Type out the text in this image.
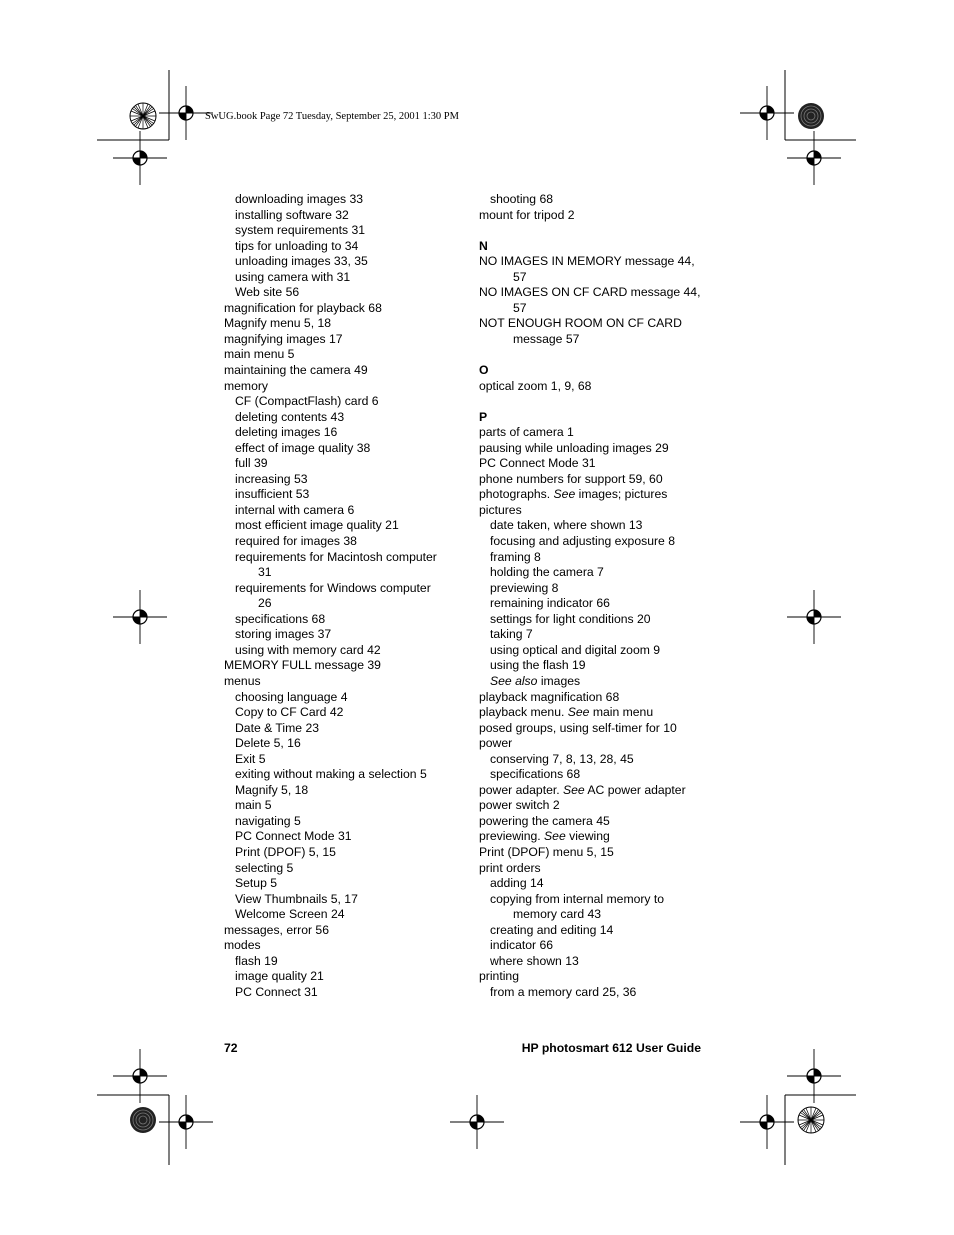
SwUG.book Page 72 Tuesday, September 25, 2001 1:30 PM
downloading images 33
installing software 32
system requirements 31
tips for unloading to 34
unloading images 33, 35
using camera with 31
Web site 56
magnification for playback 68
Magnify menu 5, 18
magnifying images 17
main menu 5
maintaining the camera 49
memory
CF (CompactFlash) card 6
deleting contents 43
deleting images 16
effect of image quality 38
full 39
increasing 53
insufficient 53
internal with camera 6
most efficient image quality 21
required for images 38
requirements for Macintosh computer
31
requirements for Windows computer
26
specifications 68
storing images 37
using with memory card 42
MEMORY FULL message 39
menus
choosing language 4
Copy to CF Card 42
Date & Time 23
Delete 5, 16
Exit 5
exiting without making a selection 5
Magnify 5, 18
main 5
navigating 5
PC Connect Mode 31
Print (DPOF) 5, 15
selecting 5
Setup 5
View Thumbnails 5, 17
Welcome Screen 24
messages, error 56
modes
flash 19
image quality 21
PC Connect 31
shooting 68
mount for tripod 2
N
NO IMAGES IN MEMORY message 44,
57
NO IMAGES ON CF CARD message 44,
57
NOT ENOUGH ROOM ON CF CARD
message 57
O
optical zoom 1, 9, 68
P
parts of camera 1
pausing while unloading images 29
PC Connect Mode 31
phone numbers for support 59, 60
photographs. See images; pictures
pictures
date taken, where shown 13
focusing and adjusting exposure 8
framing 8
holding the camera 7
previewing 8
remaining indicator 66
settings for light conditions 20
taking 7
using optical and digital zoom 9
using the flash 19
See also images
playback magnification 68
playback menu. See main menu
posed groups, using self-timer for 10
power
conserving 7, 8, 13, 28, 45
specifications 68
power adapter. See AC power adapter
power switch 2
powering the camera 45
previewing. See viewing
Print (DPOF) menu 5, 15
print orders
adding 14
copying from internal memory to
memory card 43
creating and editing 14
indicator 66
where shown 13
printing
from a memory card 25, 36
72	HP photosmart 612 User Guide
